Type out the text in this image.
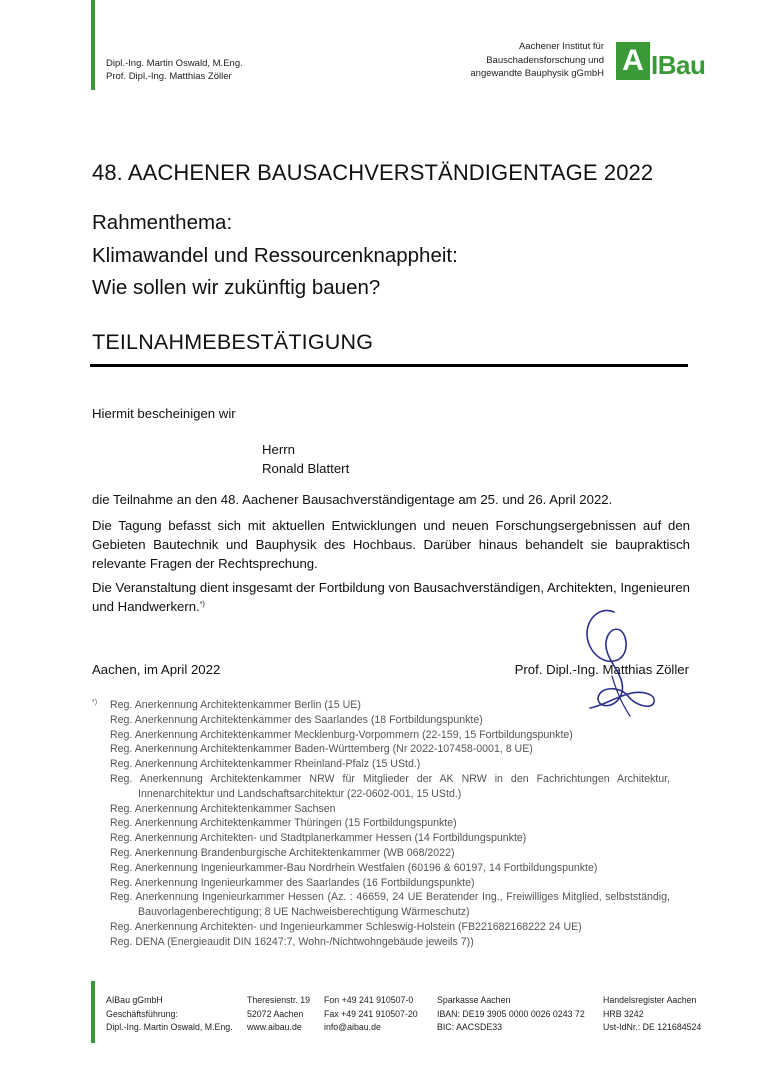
Dipl.-Ing. Martin Oswald, M.Eng.
Prof. Dipl.-Ing. Matthias Zöller
Aachener Institut für
Bauschadensforschung und
angewandte Bauphysik gGmbH A IBau
48. AACHENER BAUSACHVERSTÄNDIGENTAGE 2022
Rahmenthema:
Klimawandel und Ressourcenknappheit:
Wie sollen wir zukünftig bauen?
TEILNAHMEBESTÄTIGUNG
Hiermit bescheinigen wir
Herrn
Ronald Blattert
die Teilnahme an den 48. Aachener Bausachverständigentage am 25. und 26. April 2022.
Die Tagung befasst sich mit aktuellen Entwicklungen und neuen Forschungsergebnissen auf den Gebieten Bautechnik und Bauphysik des Hochbaus. Darüber hinaus behandelt sie baupraktisch relevante Fragen der Rechtsprechung.
Die Veranstaltung dient insgesamt der Fortbildung von Bausachverständigen, Architekten, Ingenieuren und Handwerkern.*)
Aachen, im April 2022	Prof. Dipl.-Ing. Matthias Zöller
*) Reg. Anerkennung Architektenkammer Berlin (15 UE)
Reg. Anerkennung Architektenkammer des Saarlandes (18 Fortbildungspunkte)
Reg. Anerkennung Architektenkammer Mecklenburg-Vorpommern (22-159, 15 Fortbildungspunkte)
Reg. Anerkennung Architektenkammer Baden-Württemberg (Nr 2022-107458-0001, 8 UE)
Reg. Anerkennung Architektenkammer Rheinland-Pfalz (15 UStd.)
Reg. Anerkennung Architektenkammer NRW für Mitglieder der AK NRW in den Fachrichtungen Architektur, Innenarchitektur und Landschaftsarchitektur (22-0602-001, 15 UStd.)
Reg. Anerkennung Architektenkammer Sachsen
Reg. Anerkennung Architektenkammer Thüringen (15 Fortbildungspunkte)
Reg. Anerkennung Architekten- und Stadtplanerkammer Hessen (14 Fortbildungspunkte)
Reg. Anerkennung Brandenburgische Architektenkammer (WB 068/2022)
Reg. Anerkennung Ingenieurkammer-Bau Nordrhein Westfalen (60196 & 60197, 14 Fortbildungspunkte)
Reg. Anerkennung Ingenieurkammer des Saarlandes (16 Fortbildungspunkte)
Reg. Anerkennung Ingenieurkammer Hessen (Az. : 46659, 24 UE Beratender Ing., Freiwilliges Mitglied, selbstständig, Bauvorlagenberechtigung; 8 UE Nachweisberechtigung Wärmeschutz)
Reg. Anerkennung Architekten- und Ingenieurkammer Schleswig-Holstein (FB221682168222 24 UE)
Reg. DENA (Energieaudit DIN 16247:7, Wohn-/Nichtwohngebäude jeweils 7))
AIBau gGmbH
Geschäftsführung:
Dipl.-Ing. Martin Oswald, M.Eng.
Theresienstr. 19
52072 Aachen
www.aibau.de
Fon +49 241 910507-0
Fax +49 241 910507-20
info@aibau.de
Sparkasse Aachen
IBAN: DE19 3905 0000 0026 0243 72
BIC: AACSDE33
Handelsregister Aachen
HRB 3242
Ust-IdNr.: DE 121684524
